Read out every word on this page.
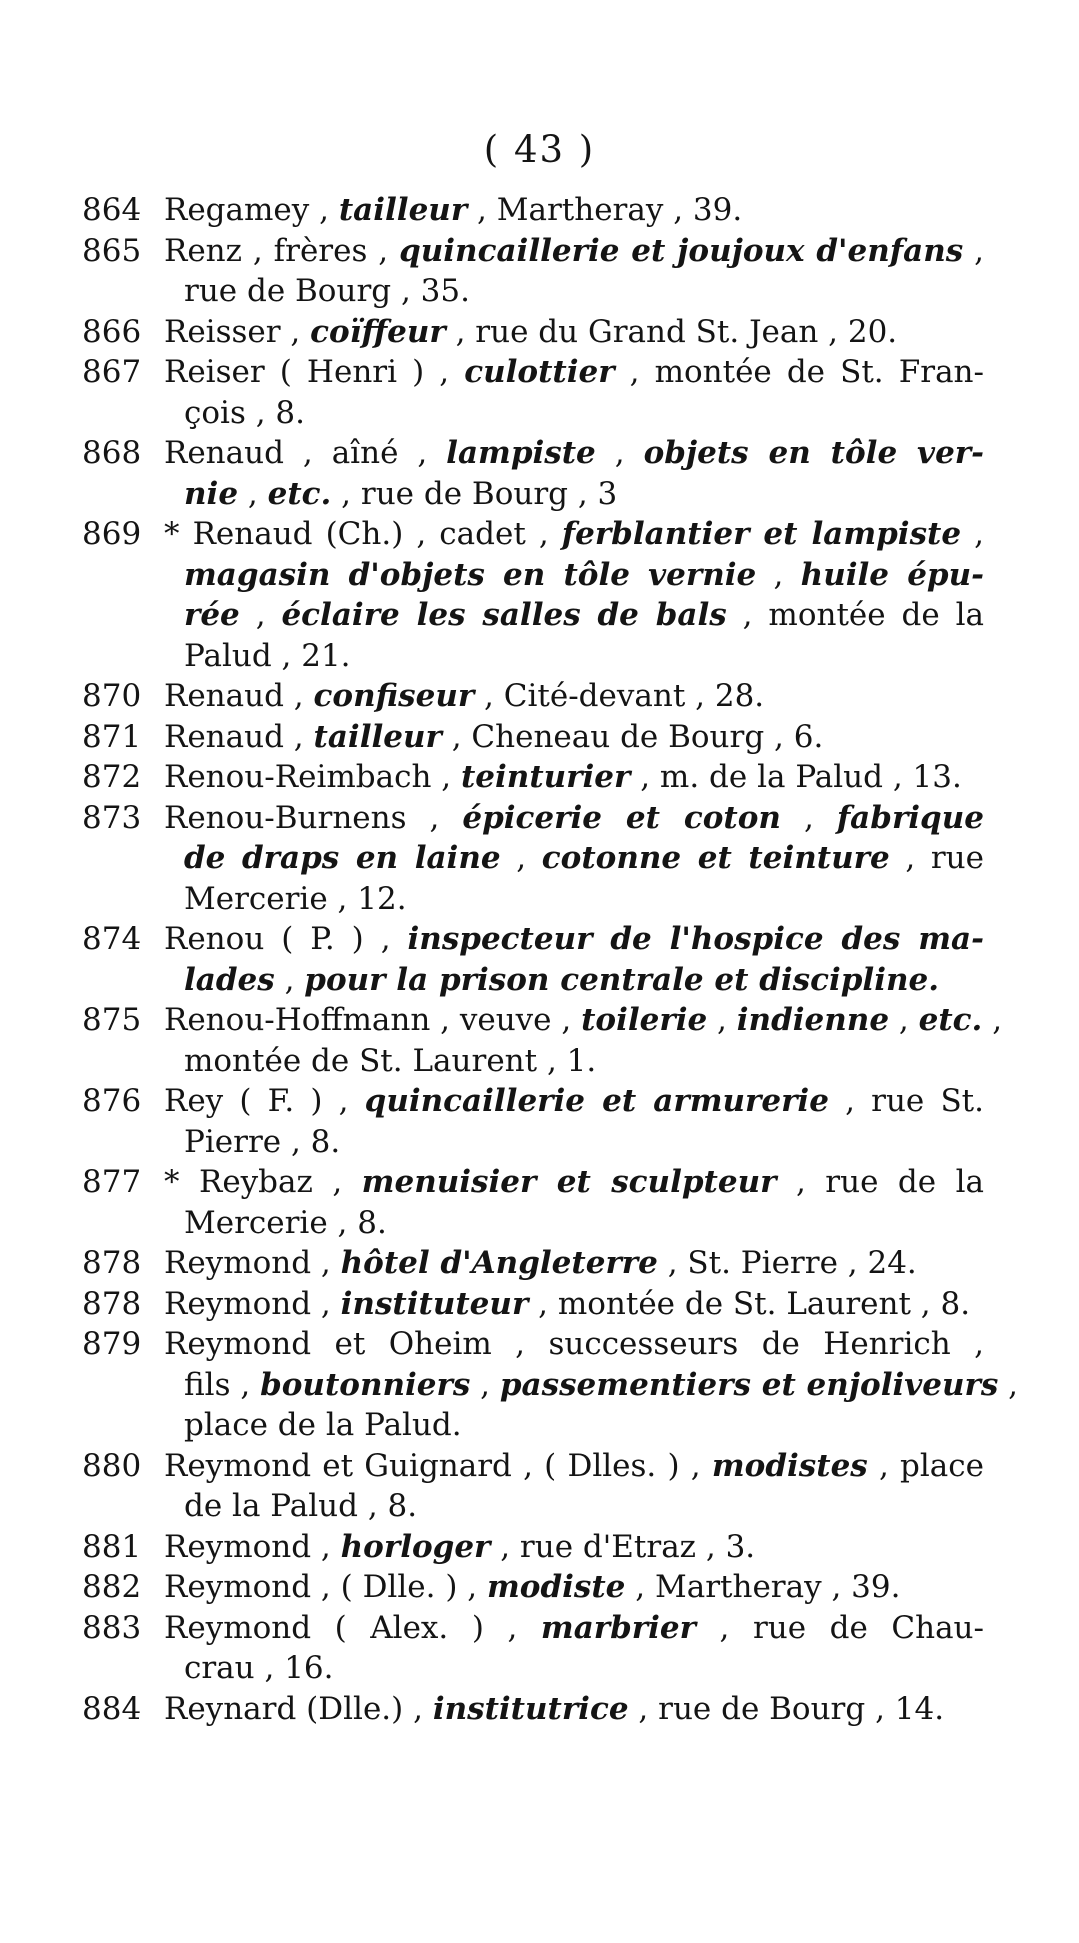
( 43 )
864 Regamey , tailleur , Martheray , 39.
865 Renz , frères , quincaillerie et joujoux d'enfans ,
rue de Bourg , 35.
866 Reisser , coïffeur , rue du Grand St. Jean , 20.
867 Reiser ( Henri ) , culottier , montée de St. Fran-
çois , 8.
868 Renaud , aîné , lampiste , objets en tôle ver-
nie , etc. , rue de Bourg , 3
869 * Renaud (Ch.) , cadet , ferblantier et lampiste ,
magasin d'objets en tôle vernie , huile épu-
rée , éclaire les salles de bals , montée de la
Palud , 21.
870 Renaud , confiseur , Cité-devant , 28.
871 Renaud , tailleur , Cheneau de Bourg , 6.
872 Renou-Reimbach , teinturier , m. de la Palud , 13.
873 Renou-Burnens , épicerie et coton , fabrique
de draps en laine , cotonne et teinture , rue
Mercerie , 12.
874 Renou ( P. ) , inspecteur de l'hospice des ma-
lades , pour la prison centrale et discipline.
875 Renou-Hoffmann , veuve , toilerie , indienne , etc. ,
montée de St. Laurent , 1.
876 Rey ( F. ) , quincaillerie et armurerie , rue St.
Pierre , 8.
877 * Reybaz , menuisier et sculpteur , rue de la
Mercerie , 8.
878 Reymond , hôtel d'Angleterre , St. Pierre , 24.
878 Reymond , instituteur , montée de St. Laurent , 8.
879 Reymond et Oheim , successeurs de Henrich ,
fils , boutonniers , passementiers et enjoliveurs ,
place de la Palud.
880 Reymond et Guignard , ( Dlles. ) , modistes , place
de la Palud , 8.
881 Reymond , horloger , rue d'Etraz , 3.
882 Reymond , ( Dlle. ) , modiste , Martheray , 39.
883 Reymond ( Alex. ) , marbrier , rue de Chau-
crau , 16.
884 Reynard (Dlle.) , institutrice , rue de Bourg , 14.
